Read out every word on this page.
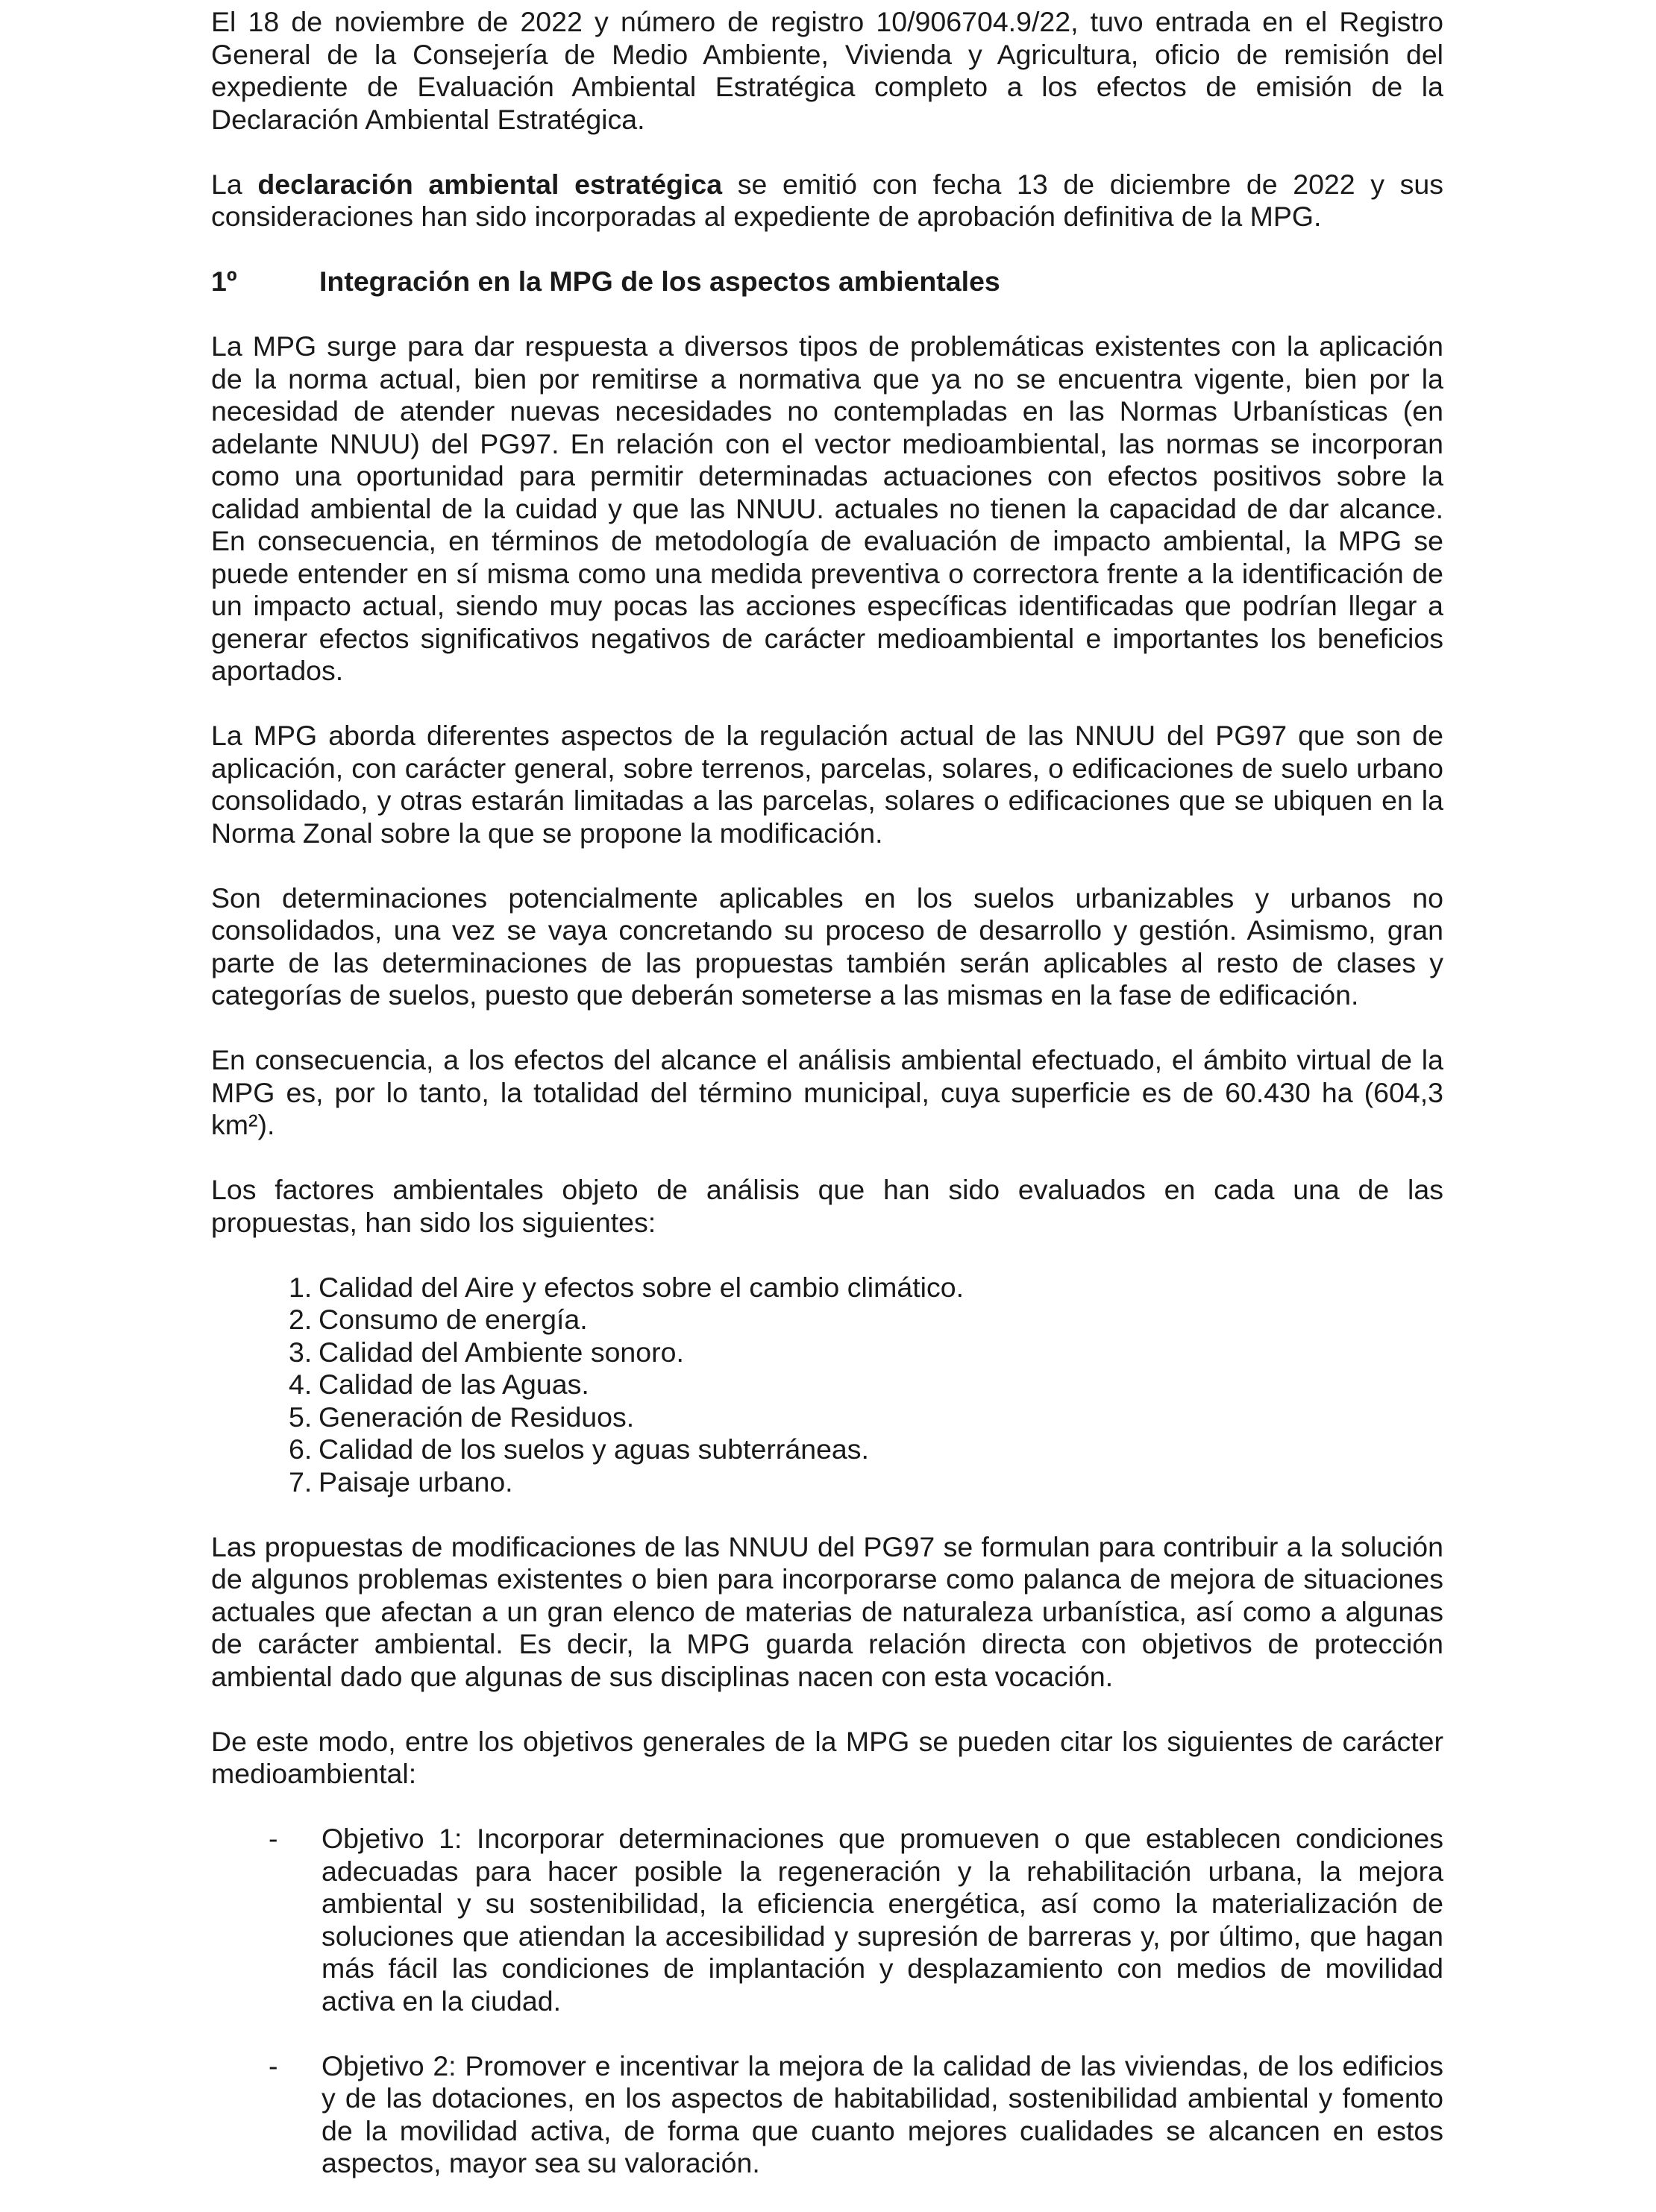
El 18 de noviembre de 2022 y número de registro 10/906704.9/22, tuvo entrada en el Registro General de la Consejería de Medio Ambiente, Vivienda y Agricultura, oficio de remisión del expediente de Evaluación Ambiental Estratégica completo a los efectos de emisión de la Declaración Ambiental Estratégica.

La declaración ambiental estratégica se emitió con fecha 13 de diciembre de 2022 y sus consideraciones han sido incorporadas al expediente de aprobación definitiva de la MPG.

1º	Integración en la MPG de los aspectos ambientales

La MPG surge para dar respuesta a diversos tipos de problemáticas existentes con la aplicación de la norma actual, bien por remitirse a normativa que ya no se encuentra vigente, bien por la necesidad de atender nuevas necesidades no contempladas en las Normas Urbanísticas (en adelante NNUU) del PG97. En relación con el vector medioambiental, las normas se incorporan como una oportunidad para permitir determinadas actuaciones con efectos positivos sobre la calidad ambiental de la cuidad y que las NNUU. actuales no tienen la capacidad de dar alcance. En consecuencia, en términos de metodología de evaluación de impacto ambiental, la MPG se puede entender en sí misma como una medida preventiva o correctora frente a la identificación de un impacto actual, siendo muy pocas las acciones específicas identificadas que podrían llegar a generar efectos significativos negativos de carácter medioambiental e importantes los beneficios aportados.

La MPG aborda diferentes aspectos de la regulación actual de las NNUU del PG97 que son de aplicación, con carácter general, sobre terrenos, parcelas, solares, o edificaciones de suelo urbano consolidado, y otras estarán limitadas a las parcelas, solares o edificaciones que se ubiquen en la Norma Zonal sobre la que se propone la modificación.

Son determinaciones potencialmente aplicables en los suelos urbanizables y urbanos no consolidados, una vez se vaya concretando su proceso de desarrollo y gestión. Asimismo, gran parte de las determinaciones de las propuestas también serán aplicables al resto de clases y categorías de suelos, puesto que deberán someterse a las mismas en la fase de edificación.

En consecuencia, a los efectos del alcance el análisis ambiental efectuado, el ámbito virtual de la MPG es, por lo tanto, la totalidad del término municipal, cuya superficie es de 60.430 ha (604,3 km²).

Los factores ambientales objeto de análisis que han sido evaluados en cada una de las propuestas, han sido los siguientes:

1. Calidad del Aire y efectos sobre el cambio climático.
2. Consumo de energía.
3. Calidad del Ambiente sonoro.
4. Calidad de las Aguas.
5. Generación de Residuos.
6. Calidad de los suelos y aguas subterráneas.
7. Paisaje urbano.

Las propuestas de modificaciones de las NNUU del PG97 se formulan para contribuir a la solución de algunos problemas existentes o bien para incorporarse como palanca de mejora de situaciones actuales que afectan a un gran elenco de materias de naturaleza urbanística, así como a algunas de carácter ambiental. Es decir, la MPG guarda relación directa con objetivos de protección ambiental dado que algunas de sus disciplinas nacen con esta vocación.

De este modo, entre los objetivos generales de la MPG se pueden citar los siguientes de carácter medioambiental:

-	Objetivo 1: Incorporar determinaciones que promueven o que establecen condiciones adecuadas para hacer posible la regeneración y la rehabilitación urbana, la mejora ambiental y su sostenibilidad, la eficiencia energética, así como la materialización de soluciones que atiendan la accesibilidad y supresión de barreras y, por último, que hagan más fácil las condiciones de implantación y desplazamiento con medios de movilidad activa en la ciudad.
-	Objetivo 2: Promover e incentivar la mejora de la calidad de las viviendas, de los edificios y de las dotaciones, en los aspectos de habitabilidad, sostenibilidad ambiental y fomento de la movilidad activa, de forma que cuanto mejores cualidades se alcancen en estos aspectos, mayor sea su valoración.
